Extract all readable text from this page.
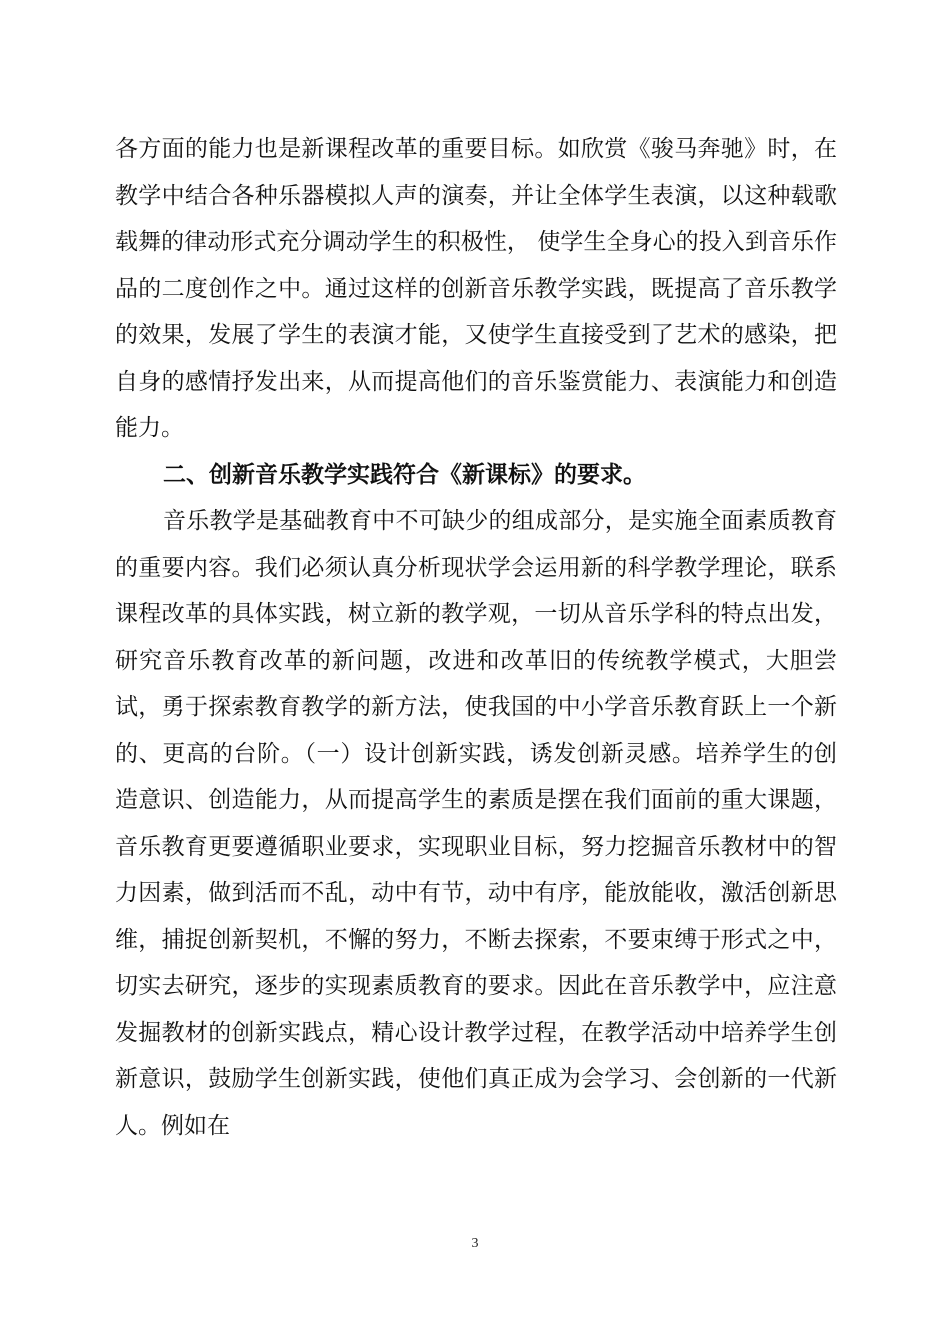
各方面的能力也是新课程改革的重要目标。如欣赏《骏马奔驰》时，在教学中结合各种乐器模拟人声的演奏，并让全体学生表演，以这种载歌载舞的律动形式充分调动学生的积极性， 使学生全身心的投入到音乐作品的二度创作之中。通过这样的创新音乐教学实践，既提高了音乐教学的效果，发展了学生的表演才能，又使学生直接受到了艺术的感染，把自身的感情抒发出来，从而提高他们的音乐鉴赏能力、表演能力和创造能力。

二、创新音乐教学实践符合《新课标》的要求。

音乐教学是基础教育中不可缺少的组成部分，是实施全面素质教育的重要内容。我们必须认真分析现状学会运用新的科学教学理论，联系课程改革的具体实践，树立新的教学观，一切从音乐学科的特点出发，研究音乐教育改革的新问题，改进和改革旧的传统教学模式，大胆尝试，勇于探索教育教学的新方法，使我国的中小学音乐教育跃上一个新的、更高的台阶。（一）设计创新实践，诱发创新灵感。培养学生的创造意识、创造能力，从而提高学生的素质是摆在我们面前的重大课题，音乐教育更要遵循职业要求，实现职业目标，努力挖掘音乐教材中的智力因素，做到活而不乱，动中有节，动中有序，能放能收，激活创新思维，捕捉创新契机，不懈的努力，不断去探索，不要束缚于形式之中，切实去研究，逐步的实现素质教育的要求。因此在音乐教学中，应注意发掘教材的创新实践点，精心设计教学过程，在教学活动中培养学生创新意识，鼓励学生创新实践，使他们真正成为会学习、会创新的一代新人。例如在

3
